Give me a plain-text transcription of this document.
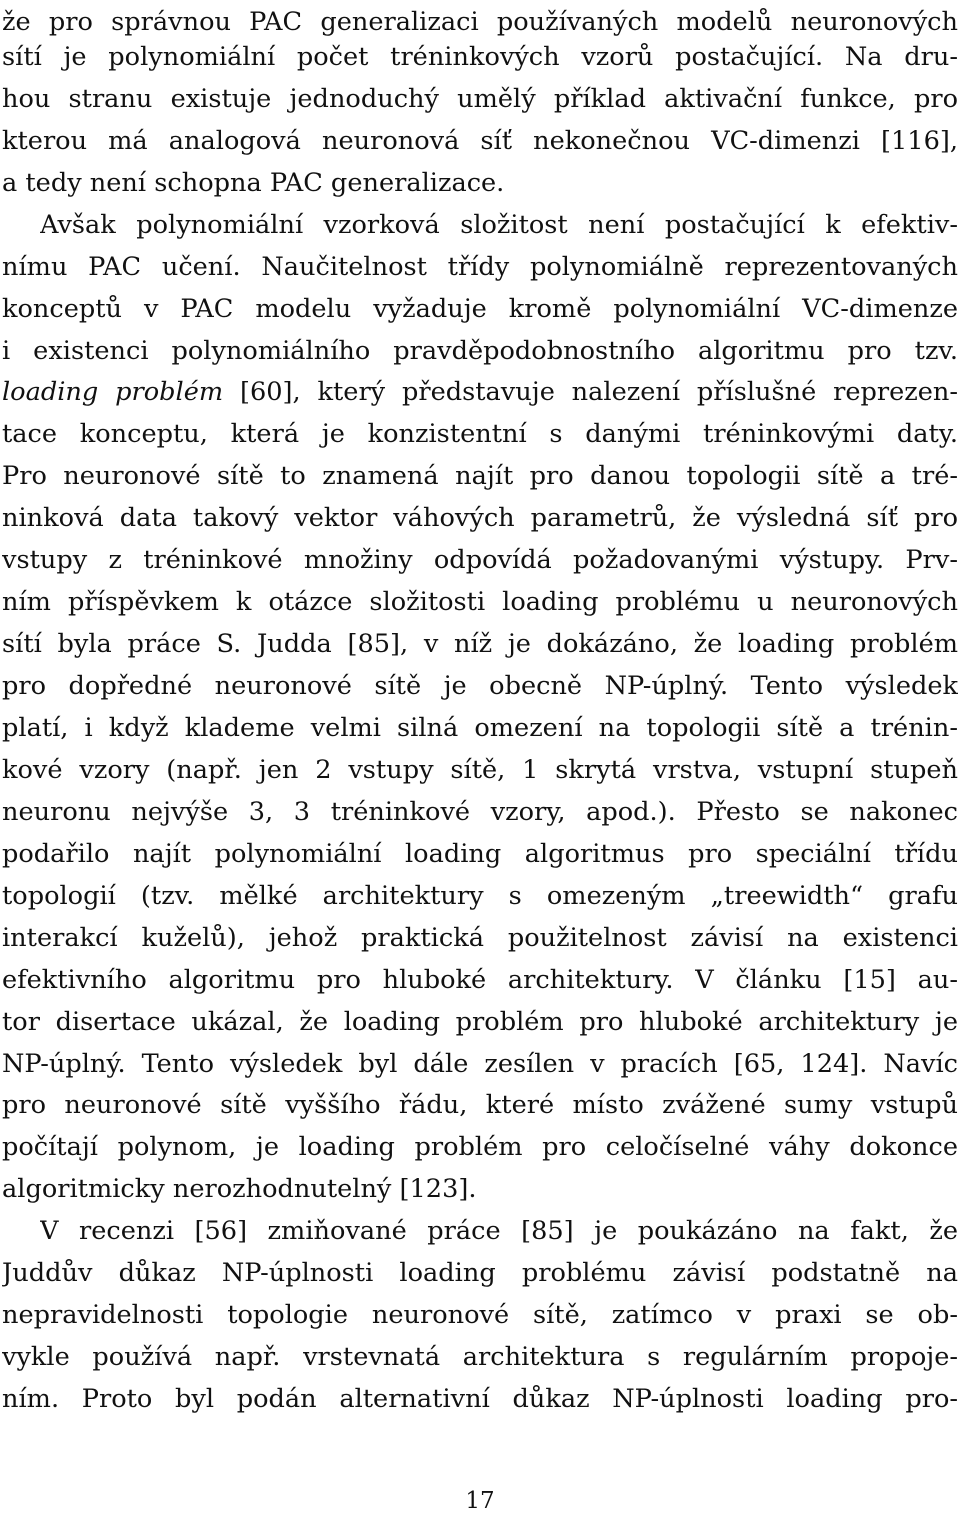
že pro správnou PAC generalizaci používaných modelů neuronových
sítí je polynomiální počet tréninkových vzorů postačující. Na dru-
hou stranu existuje jednoduchý umělý příklad aktivační funkce, pro
kterou má analogová neuronová síť nekonečnou VC-dimenzi [116],
a tedy není schopna PAC generalizace.
Avšak polynomiální vzorková složitost není postačující k efektiv-
nímu PAC učení. Naučitelnost třídy polynomiálně reprezentovaných
konceptů v PAC modelu vyžaduje kromě polynomiální VC-dimenze
i existenci polynomiálního pravděpodobnostního algoritmu pro tzv.
loading problém [60], který představuje nalezení příslušné reprezen-
tace konceptu, která je konzistentní s danými tréninkovými daty.
Pro neuronové sítě to znamená najít pro danou topologii sítě a tré-
ninková data takový vektor váhových parametrů, že výsledná síť pro
vstupy z tréninkové množiny odpovídá požadovanými výstupy. Prv-
ním příspěvkem k otázce složitosti loading problému u neuronových
sítí byla práce S. Judda [85], v níž je dokázáno, že loading problém
pro dopředné neuronové sítě je obecně NP-úplný. Tento výsledek
platí, i když klademe velmi silná omezení na topologii sítě a trénin-
kové vzory (např. jen 2 vstupy sítě, 1 skrytá vrstva, vstupní stupeň
neuronu nejvýše 3, 3 tréninkové vzory, apod.). Přesto se nakonec
podařilo najít polynomiální loading algoritmus pro speciální třídu
topologií (tzv. mělké architektury s omezeným „treewidth“ grafu
interakcí kuželů), jehož praktická použitelnost závisí na existenci
efektivního algoritmu pro hluboké architektury. V článku [15] au-
tor disertace ukázal, že loading problém pro hluboké architektury je
NP-úplný. Tento výsledek byl dále zesílen v pracích [65, 124]. Navíc
pro neuronové sítě vyššího řádu, které místo zvážené sumy vstupů
počítají polynom, je loading problém pro celočíselné váhy dokonce
algoritmicky nerozhodnutelný [123].
V recenzi [56] zmiňované práce [85] je poukázáno na fakt, že
Juddův důkaz NP-úplnosti loading problému závisí podstatně na
nepravidelnosti topologie neuronové sítě, zatímco v praxi se ob-
vykle používá např. vrstevnatá architektura s regulárním propoje-
ním. Proto byl podán alternativní důkaz NP-úplnosti loading pro-
17
